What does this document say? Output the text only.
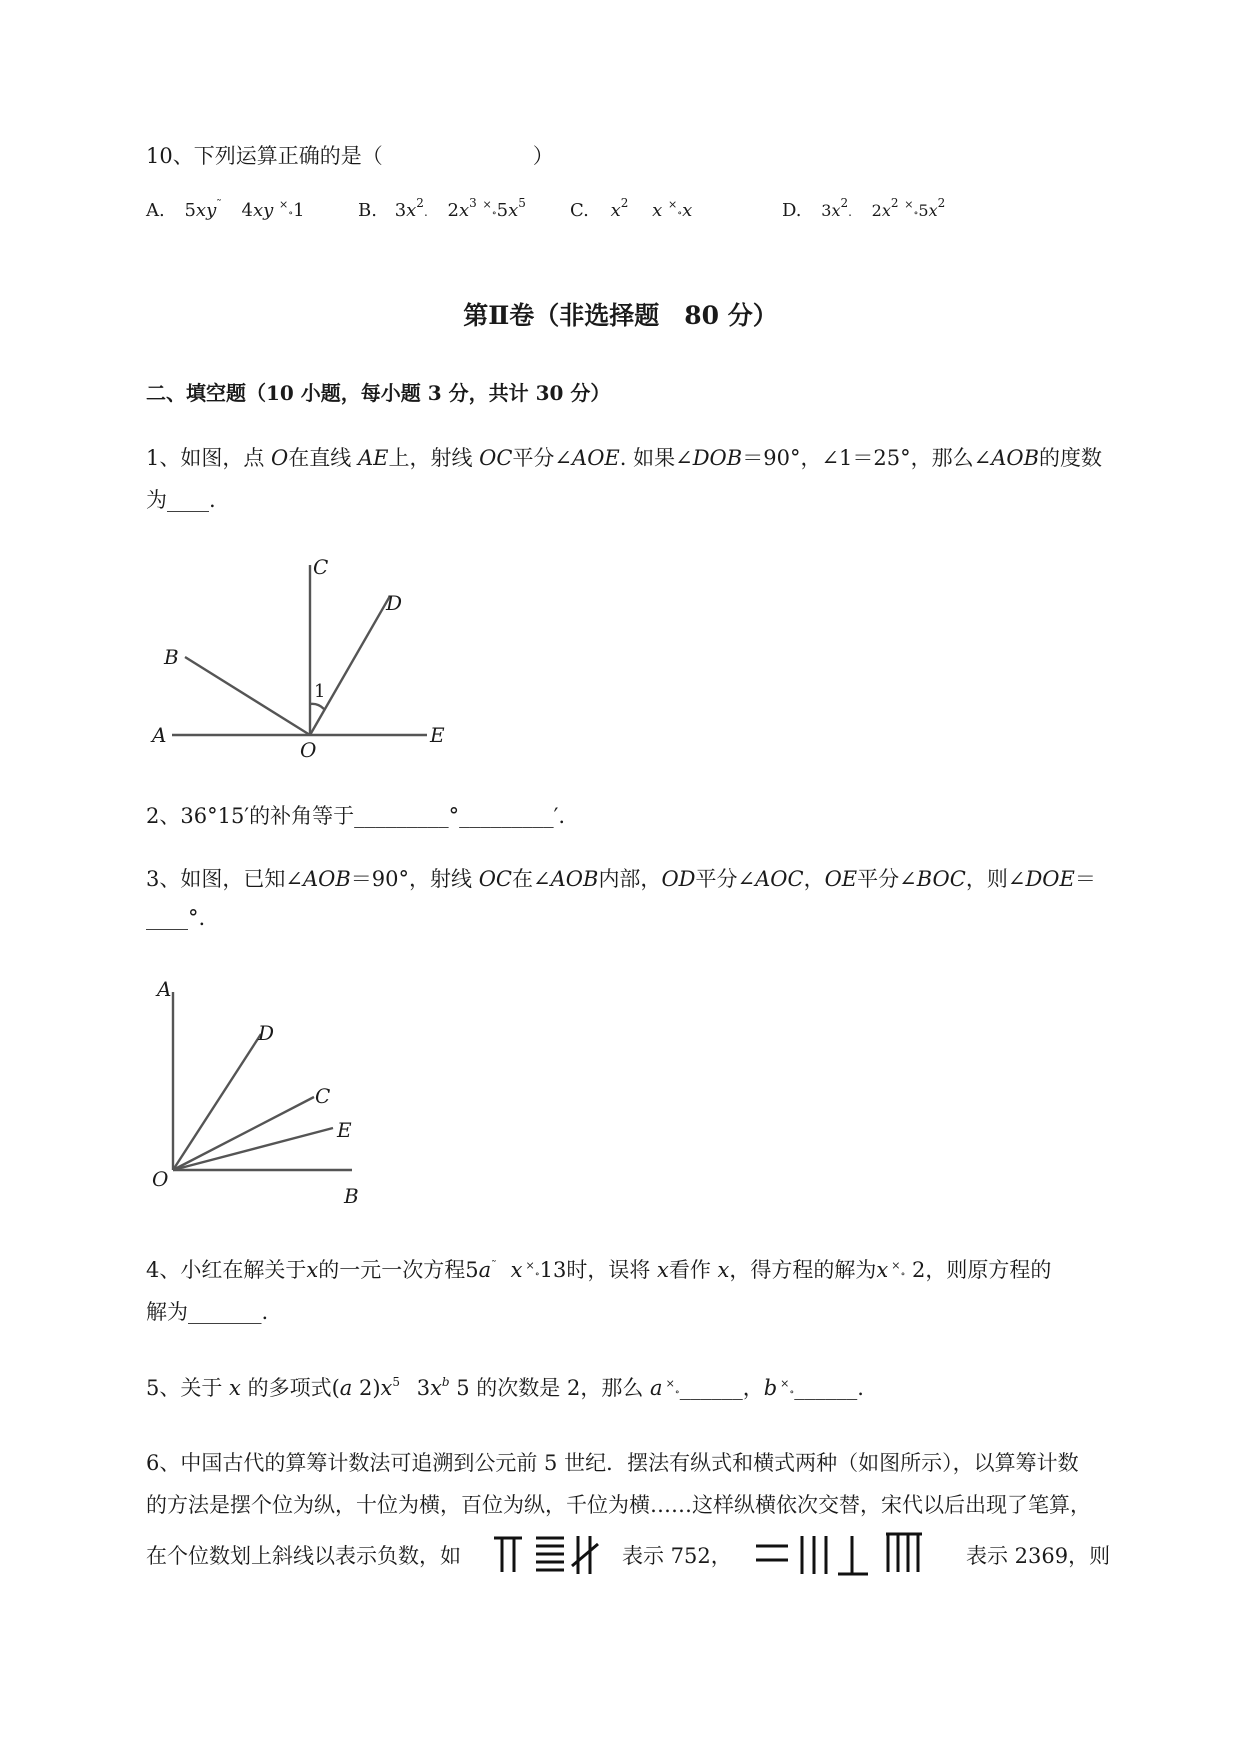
10、下列运算正确的是（	）
A. 5xy˜ 4xy ×∘1	B. $3x^2$. $2x^3$ $^\times\circ 5x^5$ C. $x^2$ x ×∘x	D. $3x^2$. $2x^2$ $^\times\circ 5x^2$
第Ⅱ卷（非选择题　80 分）
二、填空题（10 小题，每小题 3 分，共计 30 分）
1、如图，点 O在直线 AE上，射线 OC平分∠AOE. 如果∠DOB＝90°，∠1＝25°，那么∠AOB的度数
为____.
C
D
B
1
A
O
E
2、36°15′的补角等于_________°_________′.
3、如图，已知∠AOB＝90°，射线 OC在∠AOB内部，OD平分∠AOC，OE平分∠BOC，则∠DOE＝
____°.
A
D
C
E
O
B
4、小红在解关于x的一元一次方程5a˜ x ×∘13时，误将 x看作 x，得方程的解为x ×∘ 2，则原方程的
解为_______.
5、关于 x 的多项式(a $2)x^5$ $3x^b$ 5 的次数是 2，那么 a ×∘______，b ×∘______.
6、中国古代的算筹计数法可追溯到公元前 5 世纪．摆法有纵式和横式两种（如图所示），以算筹计数
的方法是摆个位为纵，十位为横，百位为纵，千位为横……这样纵横依次交替，宋代以后出现了笔算，
在个位数划上斜线以表示负数，如	表示 752，	表示 2369，则
